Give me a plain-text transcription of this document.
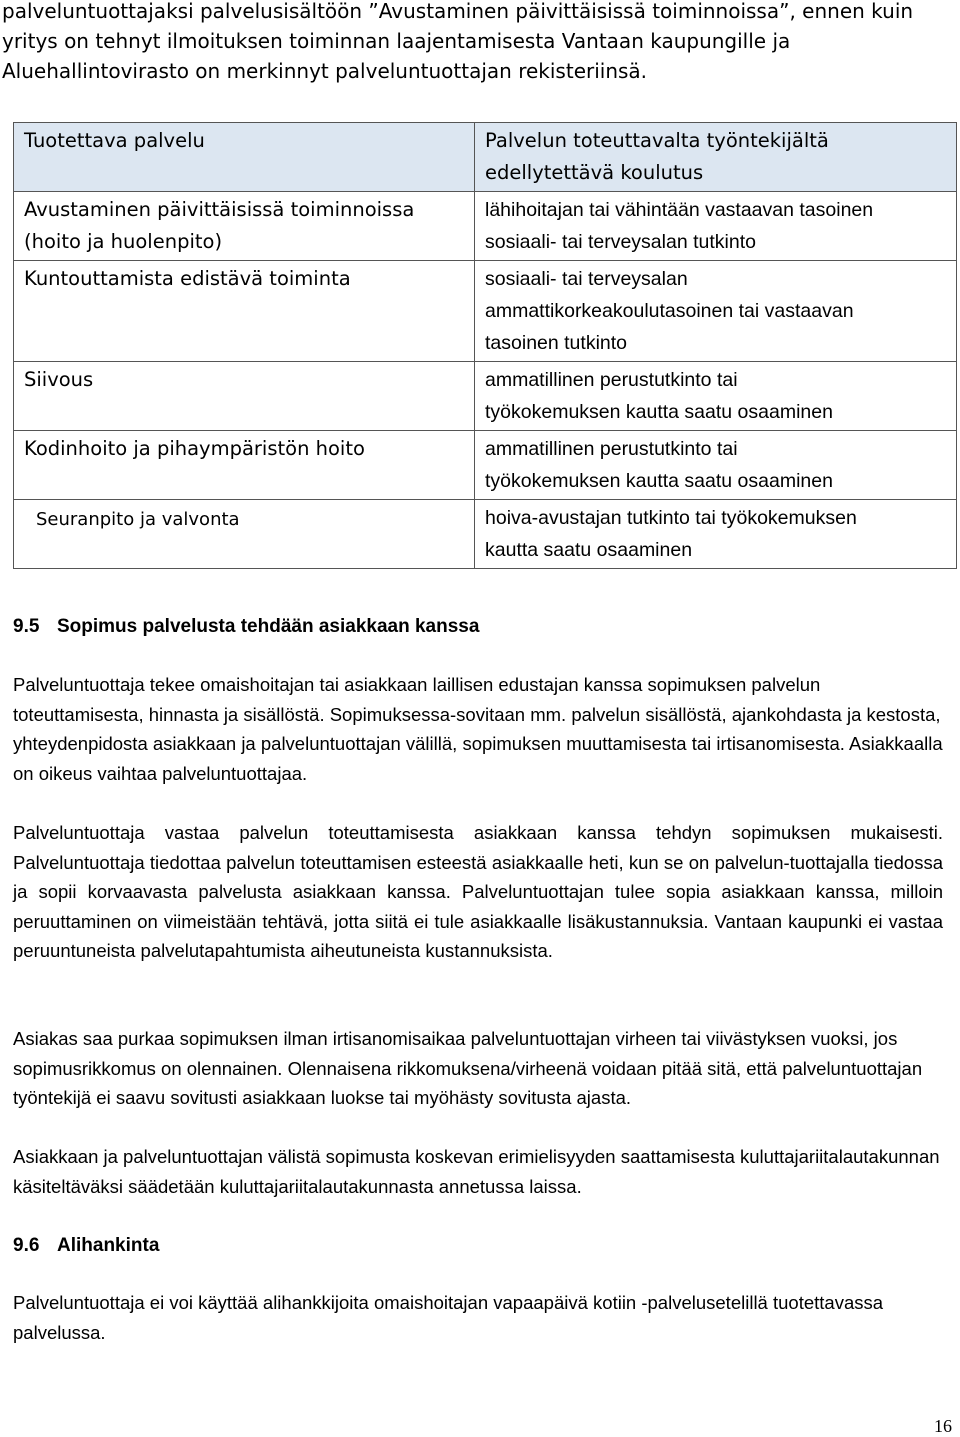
palveluntuottajaksi palvelusisältöön ”Avustaminen päivittäisissä toiminnoissa”, ennen kuin

yritys on tehnyt ilmoituksen toiminnan laajentamisesta Vantaan kaupungille ja

Aluehallintovirasto on merkinnyt palveluntuottajan rekisteriinsä.

Tuotettava palvelu	Palvelun toteuttavalta työntekijältä
edellytettävä koulutus
Avustaminen päivittäisissä toiminnoissa
(hoito ja huolenpito)	lähihoitajan tai vähintään vastaavan tasoinen
sosiaali- tai terveysalan tutkinto
Kuntouttamista edistävä toiminta	sosiaali- tai terveysalan
ammattikorkeakoulutasoinen tai vastaavan
tasoinen tutkinto
Siivous	ammatillinen perustutkinto tai
työkokemuksen kautta saatu osaaminen
Kodinhoito ja pihaympäristön hoito	ammatillinen perustutkinto tai
työkokemuksen kautta saatu osaaminen

Seuranpito ja valvonta	hoiva-avustajan tutkinto tai työkokemuksen
kautta saatu osaaminen
9.5 Sopimus palvelusta tehdään asiakkaan kanssa

Palveluntuottaja tekee omaishoitajan tai asiakkaan laillisen edustajan kanssa sopimuksen palvelun toteuttamisesta, hinnasta ja sisällöstä. Sopimuksessa-sovitaan mm. palvelun sisällöstä, ajankohdasta ja kestosta, yhteydenpidosta asiakkaan ja palveluntuottajan välillä, sopimuksen muuttamisesta tai irtisanomisesta. Asiakkaalla on oikeus vaihtaa palveluntuottajaa.

Palveluntuottaja vastaa palvelun toteuttamisesta asiakkaan kanssa tehdyn sopimuksen mukaisesti. Palveluntuottaja tiedottaa palvelun toteuttamisen esteestä asiakkaalle heti, kun se on palvelun-tuottajalla tiedossa ja sopii korvaavasta palvelusta asiakkaan kanssa. Palveluntuottajan tulee sopia asiakkaan kanssa, milloin peruuttaminen on viimeistään tehtävä, jotta siitä ei tule asiakkaalle lisäkustannuksia. Vantaan kaupunki ei vastaa peruuntuneista palvelutapahtumista aiheutuneista kustannuksista.

Asiakas saa purkaa sopimuksen ilman irtisanomisaikaa palveluntuottajan virheen tai viivästyksen vuoksi, jos sopimusrikkomus on olennainen. Olennaisena rikkomuksena/virheenä voidaan pitää sitä, että palveluntuottajan työntekijä ei saavu sovitusti asiakkaan luokse tai myöhästy sovitusta ajasta.

Asiakkaan ja palveluntuottajan välistä sopimusta koskevan erimielisyyden saattamisesta kuluttajariitalautakunnan käsiteltäväksi säädetään kuluttajariitalautakunnasta annetussa laissa.

9.6 Alihankinta

Palveluntuottaja ei voi käyttää alihankkijoita omaishoitajan vapaapäivä kotiin -palvelusetelillä tuotettavassa palvelussa.

16
